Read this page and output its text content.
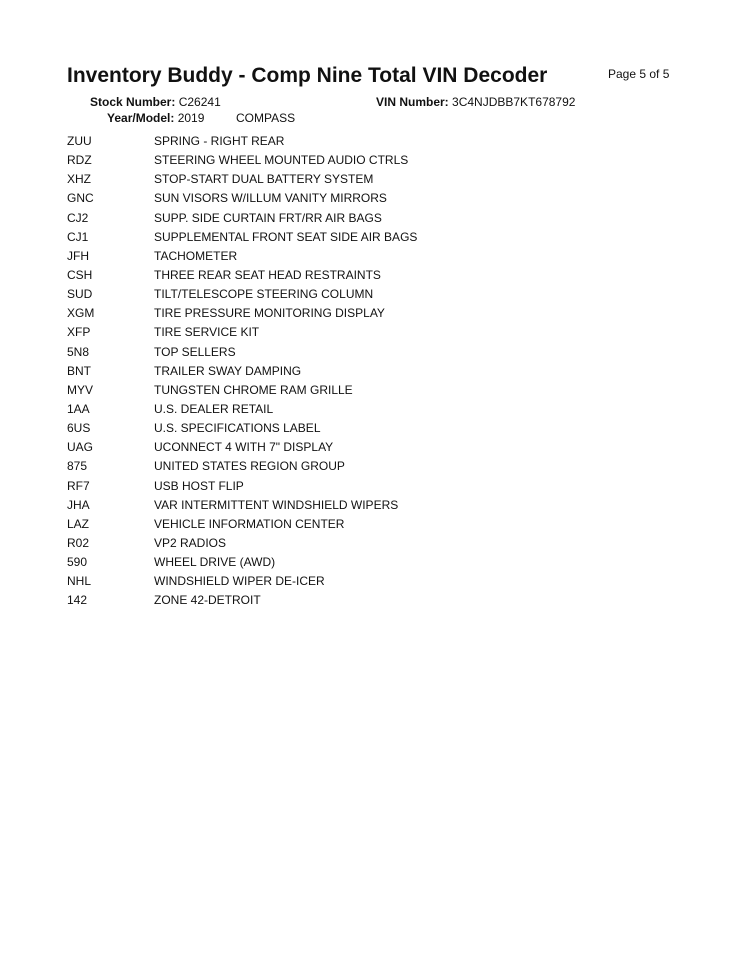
Inventory Buddy - Comp Nine Total VIN Decoder	Page 5 of 5
Stock Number: C26241	VIN Number: 3C4NJDBB7KT678792
Year/Model: 2019	COMPASS
ZUU	SPRING - RIGHT REAR
RDZ	STEERING WHEEL MOUNTED AUDIO CTRLS
XHZ	STOP-START DUAL BATTERY SYSTEM
GNC	SUN VISORS W/ILLUM VANITY MIRRORS
CJ2	SUPP. SIDE CURTAIN FRT/RR AIR BAGS
CJ1	SUPPLEMENTAL FRONT SEAT SIDE AIR BAGS
JFH	TACHOMETER
CSH	THREE REAR SEAT HEAD RESTRAINTS
SUD	TILT/TELESCOPE STEERING COLUMN
XGM	TIRE PRESSURE MONITORING DISPLAY
XFP	TIRE SERVICE KIT
5N8	TOP SELLERS
BNT	TRAILER SWAY DAMPING
MYV	TUNGSTEN CHROME RAM GRILLE
1AA	U.S. DEALER RETAIL
6US	U.S. SPECIFICATIONS LABEL
UAG	UCONNECT 4 WITH 7" DISPLAY
875	UNITED STATES REGION GROUP
RF7	USB HOST FLIP
JHA	VAR INTERMITTENT WINDSHIELD WIPERS
LAZ	VEHICLE INFORMATION CENTER
R02	VP2 RADIOS
590	WHEEL DRIVE (AWD)
NHL	WINDSHIELD WIPER DE-ICER
142	ZONE 42-DETROIT
